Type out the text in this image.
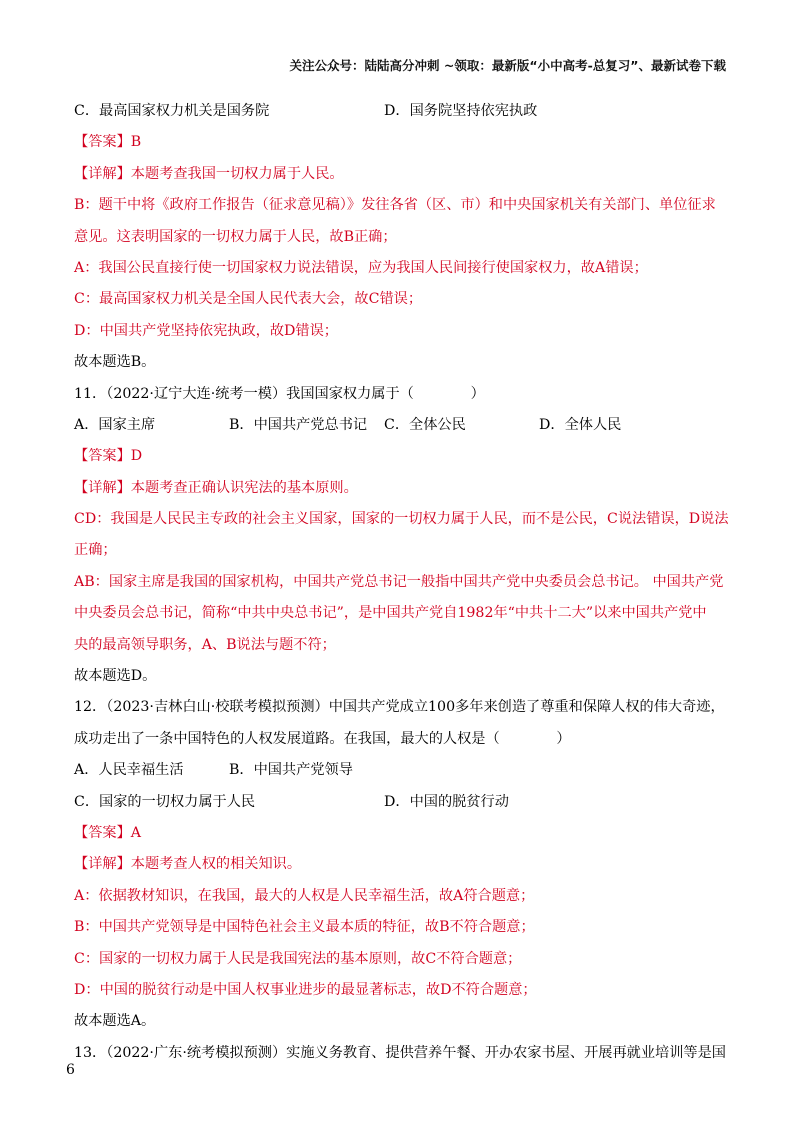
关注公众号：陆陆高分冲刺 ~领取：最新版“小中高考-总复习”、最新试卷下载
C．最高国家权力机关是国务院	D．国务院坚持依宪执政
【答案】B
【详解】本题考查我国一切权力属于人民。
B：题干中将《政府工作报告（征求意见稿）》发往各省（区、市）和中央国家机关有关部门、单位征求
意见。这表明国家的一切权力属于人民，故B正确；
A：我国公民直接行使一切国家权力说法错误，应为我国人民间接行使国家权力，故A错误；
C：最高国家权力机关是全国人民代表大会，故C错误；
D：中国共产党坚持依宪执政，故D错误；
故本题选B。
11．（2022·辽宁大连·统考一模）我国国家权力属于（　　　　）
A．国家主席	B．中国共产党总书记	C．全体公民	D．全体人民
【答案】D
【详解】本题考查正确认识宪法的基本原则。
CD：我国是人民民主专政的社会主义国家，国家的一切权力属于人民，而不是公民，C说法错误，D说法
正确；
AB：国家主席是我国的国家机构，中国共产党总书记一般指中国共产党中央委员会总书记。 中国共产党
中央委员会总书记，简称“中共中央总书记”，是中国共产党自1982年“中共十二大”以来中国共产党中
央的最高领导职务，A、B说法与题不符；
故本题选D。
12．（2023·吉林白山·校联考模拟预测）中国共产党成立100多年来创造了尊重和保障人权的伟大奇迹，
成功走出了一条中国特色的人权发展道路。在我国，最大的人权是（　　　　）
A．人民幸福生活	B．中国共产党领导
C．国家的一切权力属于人民	D．中国的脱贫行动
【答案】A
【详解】本题考查人权的相关知识。
A：依据教材知识，在我国，最大的人权是人民幸福生活，故A符合题意；
B：中国共产党领导是中国特色社会主义最本质的特征，故B不符合题意；
C：国家的一切权力属于人民是我国宪法的基本原则，故C不符合题意；
D：中国的脱贫行动是中国人权事业进步的最显著标志，故D不符合题意；
故本题选A。
13．（2022·广东·统考模拟预测）实施义务教育、提供营养午餐、开办农家书屋、开展再就业培训等是国
6
